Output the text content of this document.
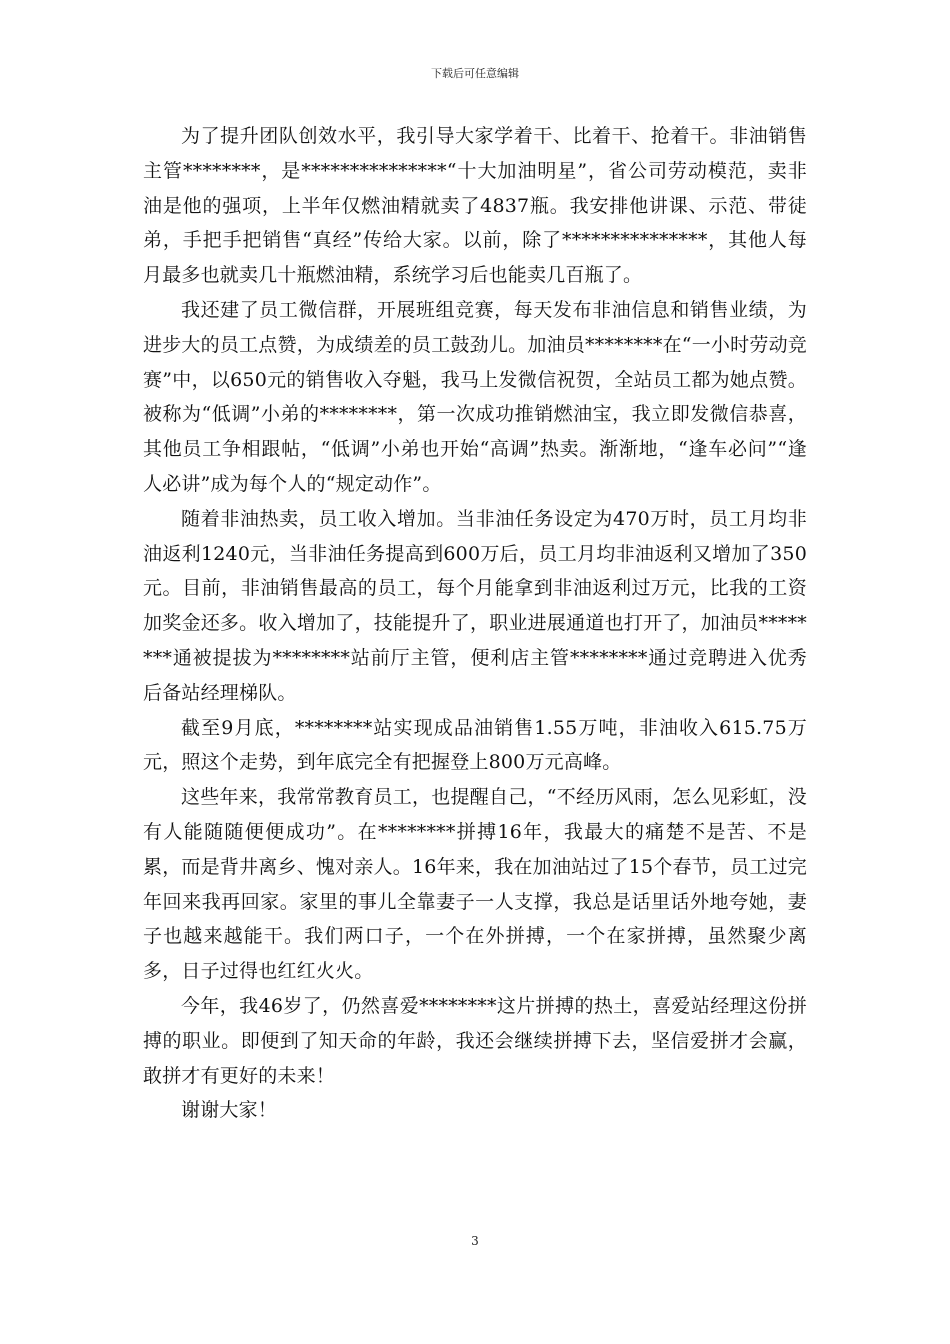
下载后可任意编辑

为了提升团队创效水平，我引导大家学着干、比着干、抢着干。非油销售主管********，是***************“十大加油明星”，省公司劳动模范，卖非油是他的强项，上半年仅燃油精就卖了4837瓶。我安排他讲课、示范、带徒弟，手把手把销售“真经”传给大家。以前，除了***************，其他人每月最多也就卖几十瓶燃油精，系统学习后也能卖几百瓶了。

我还建了员工微信群，开展班组竞赛，每天发布非油信息和销售业绩，为进步大的员工点赞，为成绩差的员工鼓劲儿。加油员********在“一小时劳动竞赛”中，以650元的销售收入夺魁，我马上发微信祝贺，全站员工都为她点赞。被称为“低调”小弟的********，第一次成功推销燃油宝，我立即发微信恭喜，其他员工争相跟帖，“低调”小弟也开始“高调”热卖。渐渐地，“逢车必问”“逢人必讲”成为每个人的“规定动作”。

随着非油热卖，员工收入增加。当非油任务设定为470万时，员工月均非油返利1240元，当非油任务提高到600万后，员工月均非油返利又增加了350元。目前，非油销售最高的员工，每个月能拿到非油返利过万元，比我的工资加奖金还多。收入增加了，技能提升了，职业进展通道也打开了，加油员********通被提拔为********站前厅主管，便利店主管********通过竞聘进入优秀后备站经理梯队。

截至9月底，********站实现成品油销售1.55万吨，非油收入615.75万元，照这个走势，到年底完全有把握登上800万元高峰。

这些年来，我常常教育员工，也提醒自己，“不经历风雨，怎么见彩虹，没有人能随随便便成功”。在********拼搏16年，我最大的痛楚不是苦、不是累，而是背井离乡、愧对亲人。16年来，我在加油站过了15个春节，员工过完年回来我再回家。家里的事儿全靠妻子一人支撑，我总是话里话外地夸她，妻子也越来越能干。我们两口子，一个在外拼搏，一个在家拼搏，虽然聚少离多，日子过得也红红火火。

今年，我46岁了，仍然喜爱********这片拼搏的热土，喜爱站经理这份拼搏的职业。即便到了知天命的年龄，我还会继续拼搏下去，坚信爱拼才会赢，敢拼才有更好的未来！

谢谢大家！

3
